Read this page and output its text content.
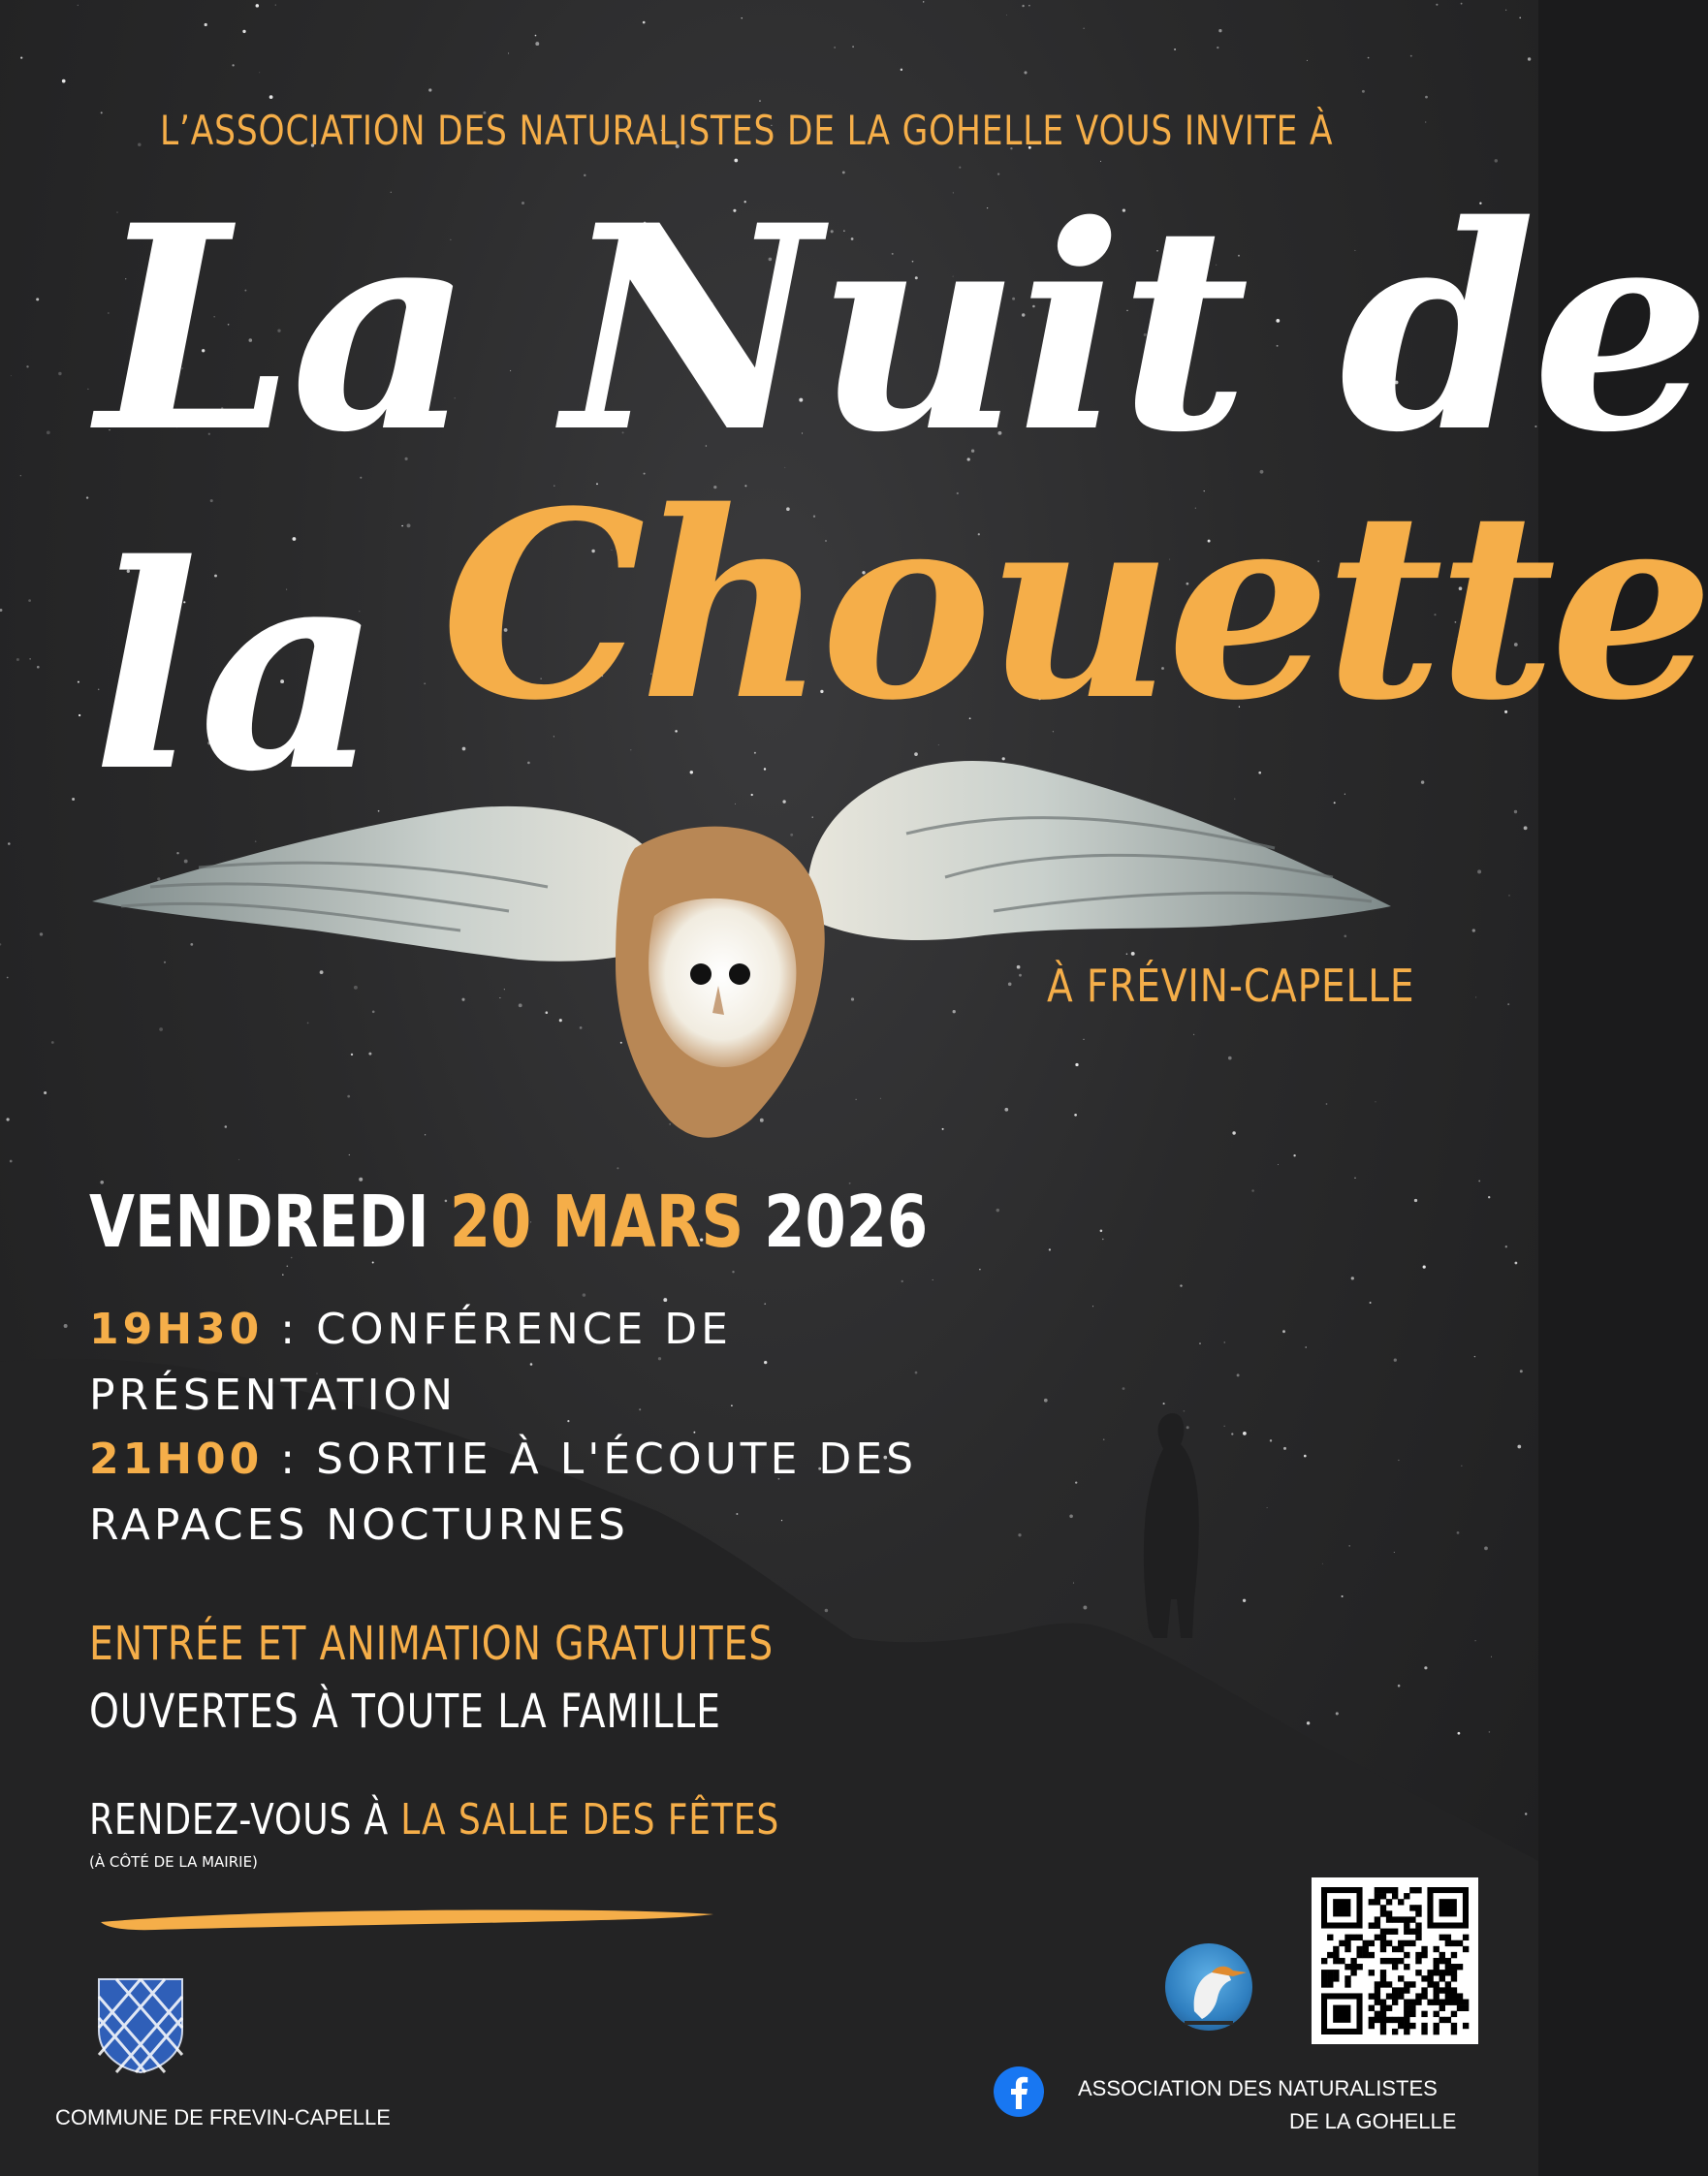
L’ASSOCIATION DES NATURALISTES DE LA GOHELLE VOUS INVITE À
La Nuit de
la Chouette
À FRÉVIN-CAPELLE
VENDREDI 20 MARS 2026
19H30 : CONFÉRENCE DE
PRÉSENTATION
21H00 : SORTIE À L'ÉCOUTE DES
RAPACES NOCTURNES
ENTRÉE ET ANIMATION GRATUITES
OUVERTES À TOUTE LA FAMILLE
RENDEZ-VOUS À LA SALLE DES FÊTES
(À CÔTÉ DE LA MAIRIE)
COMMUNE DE FREVIN-CAPELLE
ASSOCIATION DES NATURALISTES
DE LA GOHELLE
